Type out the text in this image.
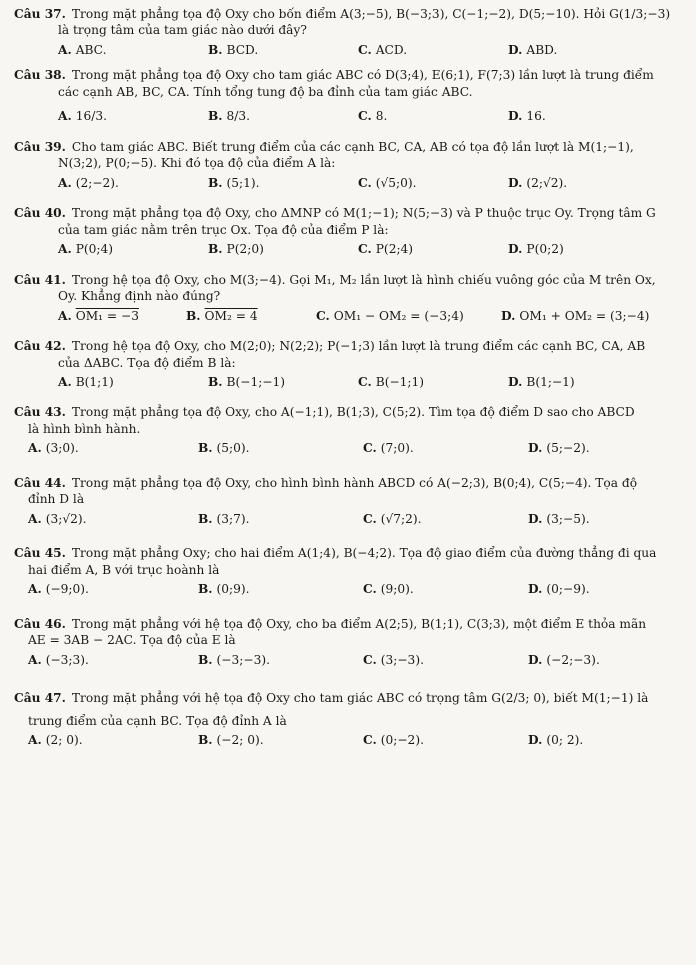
Câu 37. Trong mặt phẳng tọa độ Oxy cho bốn điểm A(3;−5), B(−3;3), C(−1;−2), D(5;−10). Hỏi G(1/3;−3)
là trọng tâm của tam giác nào dưới đây?
A. ABC.	B. BCD.	C. ACD.	D. ABD.
Câu 38. Trong mặt phẳng tọa độ Oxy cho tam giác ABC có D(3;4), E(6;1), F(7;3) lần lượt là trung điểm
các cạnh AB, BC, CA. Tính tổng tung độ ba đỉnh của tam giác ABC.
A. 16/3.	B. 8/3.	C. 8.	D. 16.
Câu 39. Cho tam giác ABC. Biết trung điểm của các cạnh BC, CA, AB có tọa độ lần lượt là M(1;−1),
N(3;2), P(0;−5). Khi đó tọa độ của điểm A là:
A. (2;−2).	B. (5;1).	C. (√5;0).	D. (2;√2).
Câu 40. Trong mặt phẳng tọa độ Oxy, cho ΔMNP có M(1;−1); N(5;−3) và P thuộc trục Oy. Trọng tâm G
của tam giác nằm trên trục Ox. Tọa độ của điểm P là:
A. P(0;4)	B. P(2;0)	C. P(2;4)	D. P(0;2)
Câu 41. Trong hệ tọa độ Oxy, cho M(3;−4). Gọi M₁, M₂ lần lượt là hình chiếu vuông góc của M trên Ox,
Oy. Khẳng định nào đúng?
A. OM₁ = −3	B. OM₂ = 4	C. OM₁ − OM₂ = (−3;4)	D. OM₁ + OM₂ = (3;−4)
Câu 42. Trong hệ tọa độ Oxy, cho M(2;0); N(2;2); P(−1;3) lần lượt là trung điểm các cạnh BC, CA, AB
của ΔABC. Tọa độ điểm B là:
A. B(1;1)	B. B(−1;−1)	C. B(−1;1)	D. B(1;−1)
Câu 43. Trong mặt phẳng tọa độ Oxy, cho A(−1;1), B(1;3), C(5;2). Tìm tọa độ điểm D sao cho ABCD
là hình bình hành.
A. (3;0).	B. (5;0).	C. (7;0).	D. (5;−2).
Câu 44. Trong mặt phẳng tọa độ Oxy, cho hình bình hành ABCD có A(−2;3), B(0;4), C(5;−4). Tọa độ
đỉnh D là
A. (3;√2).	B. (3;7).	C. (√7;2).	D. (3;−5).
Câu 45. Trong mặt phẳng Oxy; cho hai điểm A(1;4), B(−4;2). Tọa độ giao điểm của đường thẳng đi qua
hai điểm A, B với trục hoành là
A. (−9;0).	B. (0;9).	C. (9;0).	D. (0;−9).
Câu 46. Trong mặt phẳng với hệ tọa độ Oxy, cho ba điểm A(2;5), B(1;1), C(3;3), một điểm E thỏa mãn
AE = 3AB − 2AC. Tọa độ của E là
A. (−3;3).	B. (−3;−3).	C. (3;−3).	D. (−2;−3).
Câu 47. Trong mặt phẳng với hệ tọa độ Oxy cho tam giác ABC có trọng tâm G(2/3; 0), biết M(1;−1) là
trung điểm của cạnh BC. Tọa độ đỉnh A là
A. (2; 0).	B. (−2; 0).	C. (0;−2).	D. (0; 2).
